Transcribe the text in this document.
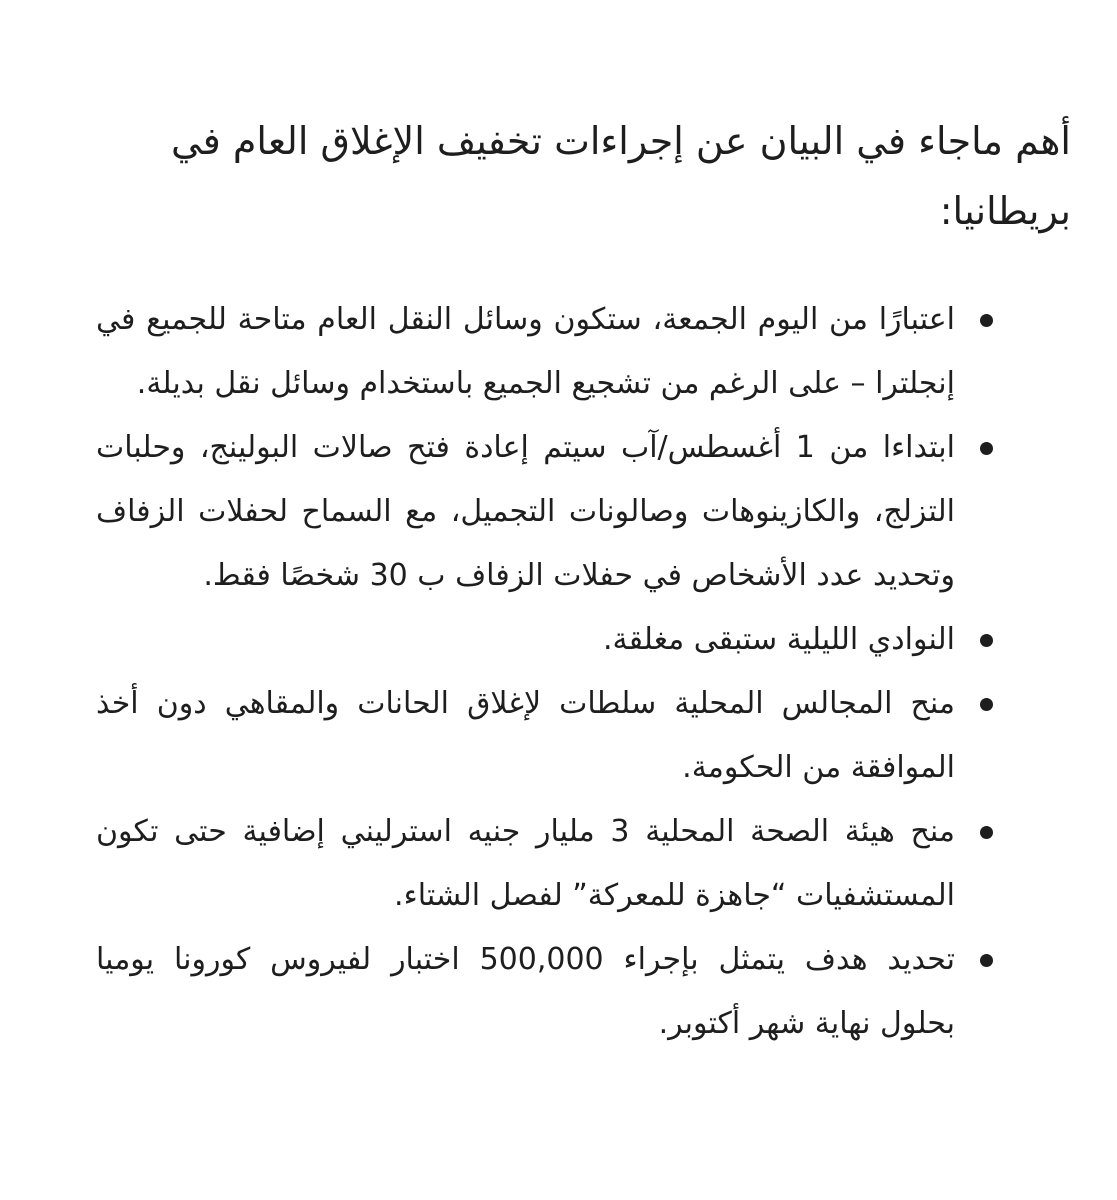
أهم ماجاء في البيان عن إجراءات تخفيف الإغلاق العام في بريطانيا:
اعتبارًا من اليوم الجمعة، ستكون وسائل النقل العام متاحة للجميع في إنجلترا – على الرغم من تشجيع الجميع باستخدام وسائل نقل بديلة.
ابتداءا من 1 أغسطس/آب سيتم إعادة فتح صالات البولينج، وحلبات التزلج، والكازينوهات وصالونات التجميل، مع السماح لحفلات الزفاف وتحديد عدد الأشخاص في حفلات الزفاف ب 30 شخصًا فقط.
النوادي الليلية ستبقى مغلقة.
منح المجالس المحلية سلطات لإغلاق الحانات والمقاهي دون أخذ الموافقة من الحكومة.
منح هيئة الصحة المحلية 3 مليار جنيه استرليني إضافية حتى تكون المستشفيات “جاهزة للمعركة” لفصل الشتاء.
تحديد هدف يتمثل بإجراء 500,000 اختبار لفيروس كورونا يوميا بحلول نهاية شهر أكتوبر.
